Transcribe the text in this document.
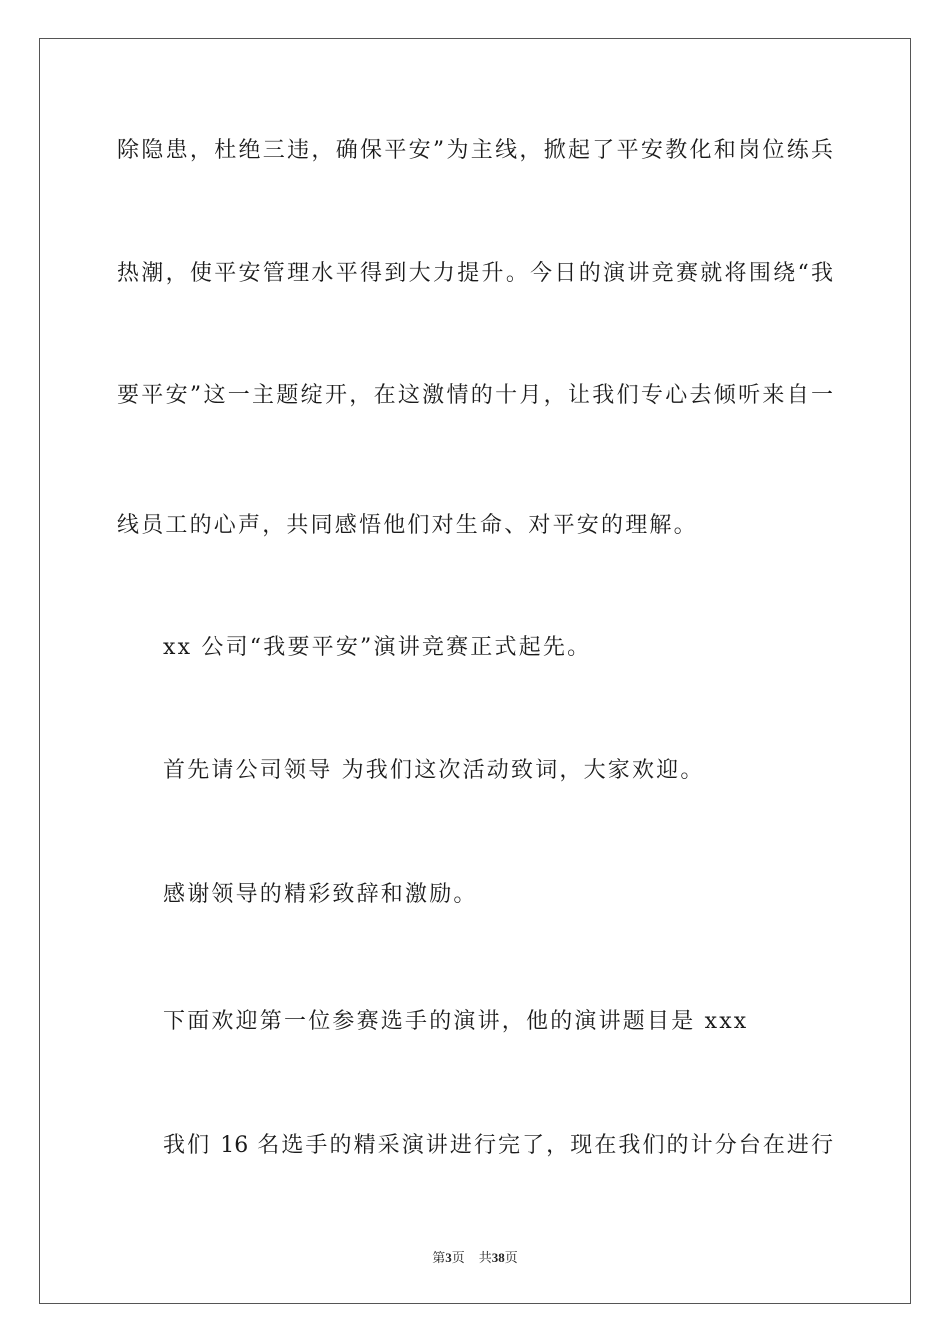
除隐患，杜绝三违，确保平安”为主线，掀起了平安教化和岗位练兵
热潮，使平安管理水平得到大力提升。今日的演讲竞赛就将围绕“我
要平安”这一主题绽开，在这激情的十月，让我们专心去倾听来自一
线员工的心声，共同感悟他们对生命、对平安的理解。
xx 公司“我要平安”演讲竞赛正式起先。
首先请公司领导 为我们这次活动致词，大家欢迎。
感谢领导的精彩致辞和激励。
下面欢迎第一位参赛选手的演讲，他的演讲题目是 xxx
我们 16 名选手的精采演讲进行完了，现在我们的计分台在进行
第3页 共38页
